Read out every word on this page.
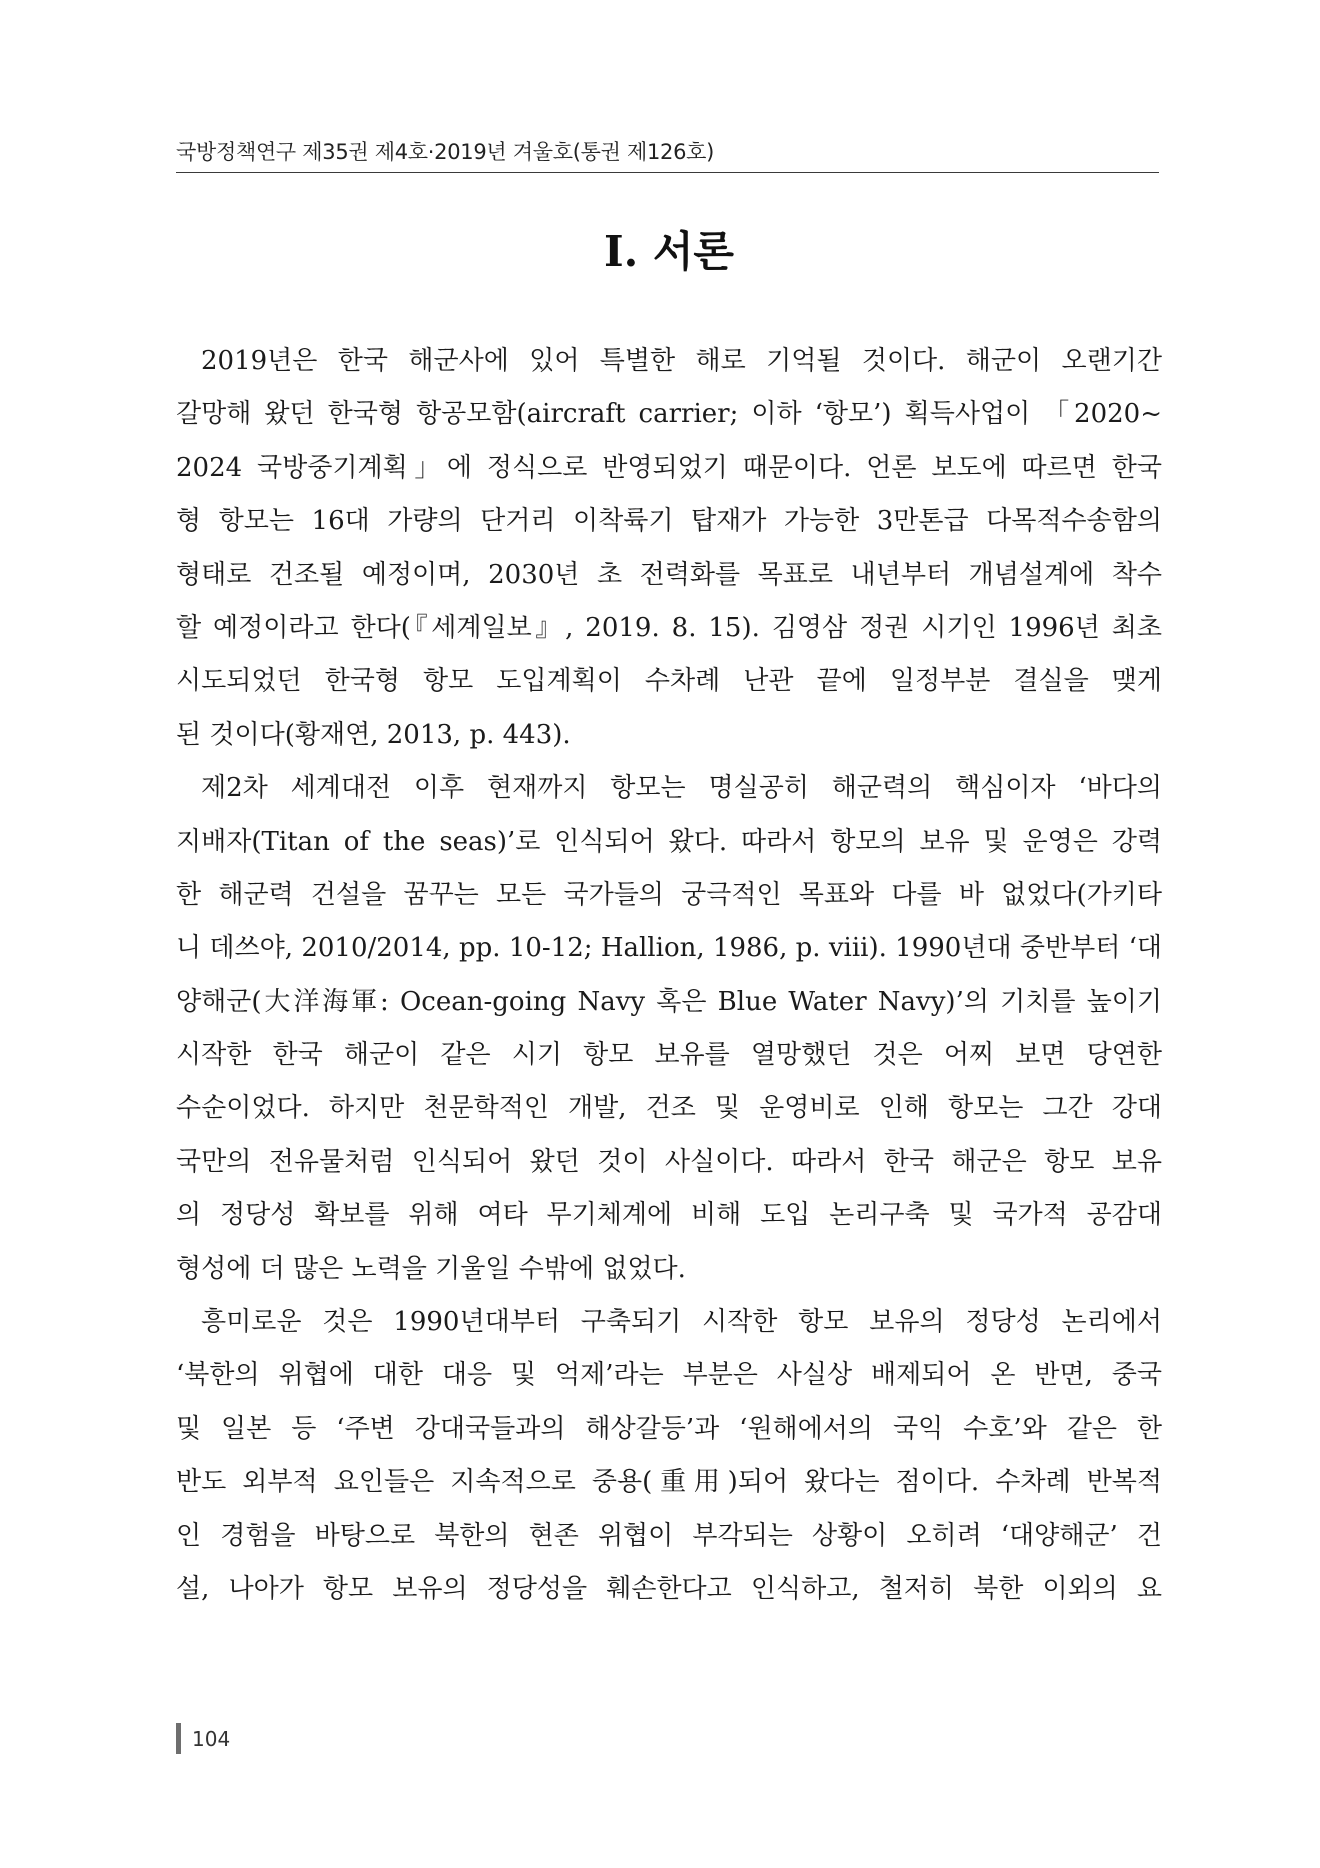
국방정책연구 제35권 제4호·2019년 겨울호(통권 제126호)
Ⅰ. 서론
2019년은 한국 해군사에 있어 특별한 해로 기억될 것이다. 해군이 오랜기간
갈망해 왔던 한국형 항공모함(aircraft carrier; 이하 ‘항모’) 획득사업이 「2020~
2024 국방중기계획」에 정식으로 반영되었기 때문이다. 언론 보도에 따르면 한국
형 항모는 16대 가량의 단거리 이착륙기 탑재가 가능한 3만톤급 다목적수송함의
형태로 건조될 예정이며, 2030년 초 전력화를 목표로 내년부터 개념설계에 착수
할 예정이라고 한다(『세계일보』, 2019. 8. 15). 김영삼 정권 시기인 1996년 최초
시도되었던 한국형 항모 도입계획이 수차례 난관 끝에 일정부분 결실을 맺게
된 것이다(황재연, 2013, p. 443).
제2차 세계대전 이후 현재까지 항모는 명실공히 해군력의 핵심이자 ‘바다의
지배자(Titan of the seas)’로 인식되어 왔다. 따라서 항모의 보유 및 운영은 강력
한 해군력 건설을 꿈꾸는 모든 국가들의 궁극적인 목표와 다를 바 없었다(가키타
니 데쓰야, 2010/2014, pp. 10-12; Hallion, 1986, p. viii). 1990년대 중반부터 ‘대
양해군(大洋海軍: Ocean-going Navy 혹은 Blue Water Navy)’의 기치를 높이기
시작한 한국 해군이 같은 시기 항모 보유를 열망했던 것은 어찌 보면 당연한
수순이었다. 하지만 천문학적인 개발, 건조 및 운영비로 인해 항모는 그간 강대
국만의 전유물처럼 인식되어 왔던 것이 사실이다. 따라서 한국 해군은 항모 보유
의 정당성 확보를 위해 여타 무기체계에 비해 도입 논리구축 및 국가적 공감대
형성에 더 많은 노력을 기울일 수밖에 없었다.
흥미로운 것은 1990년대부터 구축되기 시작한 항모 보유의 정당성 논리에서
‘북한의 위협에 대한 대응 및 억제’라는 부분은 사실상 배제되어 온 반면, 중국
및 일본 등 ‘주변 강대국들과의 해상갈등’과 ‘원해에서의 국익 수호’와 같은 한
반도 외부적 요인들은 지속적으로 중용(重用)되어 왔다는 점이다. 수차례 반복적
인 경험을 바탕으로 북한의 현존 위협이 부각되는 상황이 오히려 ‘대양해군’ 건
설, 나아가 항모 보유의 정당성을 훼손한다고 인식하고, 철저히 북한 이외의 요
104
